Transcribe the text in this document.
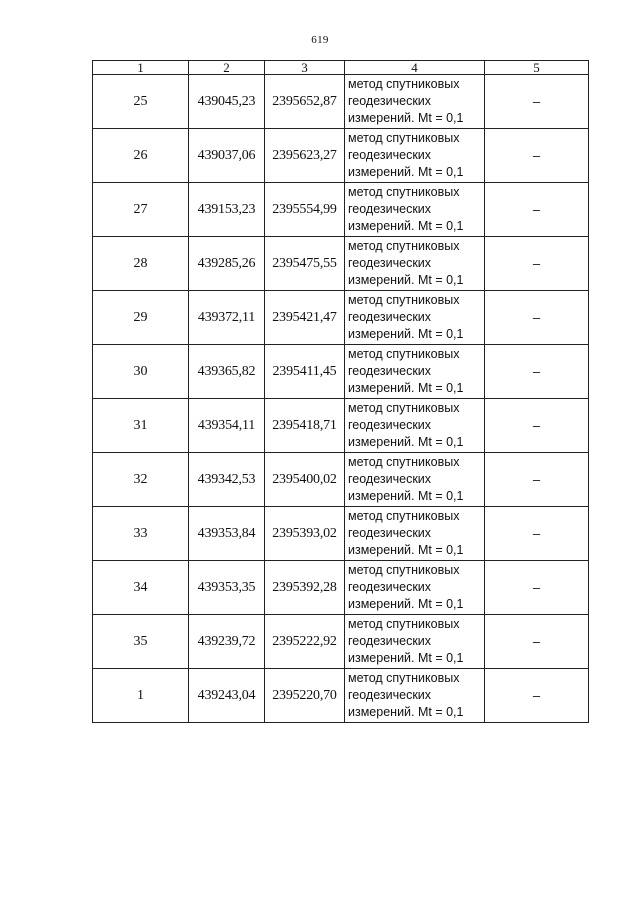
619
1	2	3	4	5
25	439045,23	2395652,87	метод спутниковых
геодезических
измерений. Mt = 0,1	–
26	439037,06	2395623,27	метод спутниковых
геодезических
измерений. Mt = 0,1	–
27	439153,23	2395554,99	метод спутниковых
геодезических
измерений. Mt = 0,1	–
28	439285,26	2395475,55	метод спутниковых
геодезических
измерений. Mt = 0,1	–
29	439372,11	2395421,47	метод спутниковых
геодезических
измерений. Mt = 0,1	–
30	439365,82	2395411,45	метод спутниковых
геодезических
измерений. Mt = 0,1	–
31	439354,11	2395418,71	метод спутниковых
геодезических
измерений. Mt = 0,1	–
32	439342,53	2395400,02	метод спутниковых
геодезических
измерений. Mt = 0,1	–
33	439353,84	2395393,02	метод спутниковых
геодезических
измерений. Mt = 0,1	–
34	439353,35	2395392,28	метод спутниковых
геодезических
измерений. Mt = 0,1	–
35	439239,72	2395222,92	метод спутниковых
геодезических
измерений. Mt = 0,1	–
1	439243,04	2395220,70	метод спутниковых
геодезических
измерений. Mt = 0,1	–
